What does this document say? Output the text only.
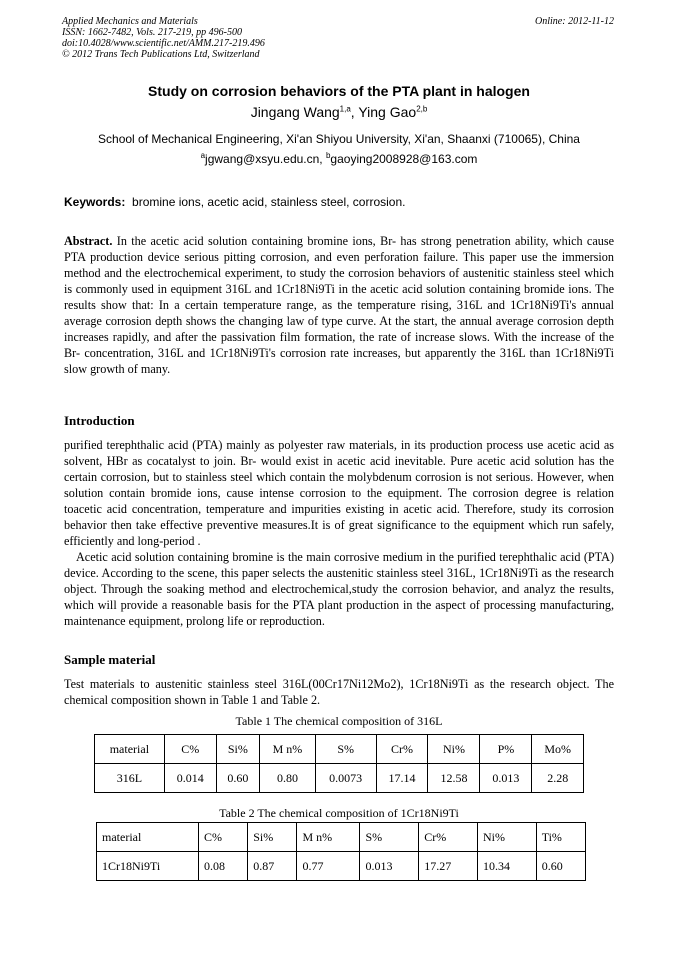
Applied Mechanics and Materials
ISSN: 1662-7482, Vols. 217-219, pp 496-500
doi:10.4028/www.scientific.net/AMM.217-219.496
© 2012 Trans Tech Publications Ltd, Switzerland
Online: 2012-11-12
Study on corrosion behaviors of the PTA plant in halogen
Jingang Wang$^{1,a}$, Ying Gao$^{2,b}$
School of Mechanical Engineering, Xi'an Shiyou University, Xi'an, Shaanxi (710065), China
$^a$jgwang@xsyu.edu.cn, $^b$gaoying2008928@163.com
Keywords: bromine ions, acetic acid, stainless steel, corrosion.
Abstract. In the acetic acid solution containing bromine ions, Br- has strong penetration ability, which cause PTA production device serious pitting corrosion, and even perforation failure. This paper use the immersion method and the electrochemical experiment, to study the corrosion behaviors of austenitic stainless steel which is commonly used in equipment 316L and 1Cr18Ni9Ti in the acetic acid solution containing bromide ions. The results show that: In a certain temperature range, as the temperature rising, 316L and 1Cr18Ni9Ti's annual average corrosion depth shows the changing law of type curve. At the start, the annual average corrosion depth increases rapidly, and after the passivation film formation, the rate of increase slows. With the increase of the Br- concentration, 316L and 1Cr18Ni9Ti's corrosion rate increases, but apparently the 316L than 1Cr18Ni9Ti slow growth of many.
Introduction
purified terephthalic acid (PTA) mainly as polyester raw materials, in its production process use acetic acid as solvent, HBr as cocatalyst to join. Br- would exist in acetic acid inevitable. Pure acetic acid solution has the certain corrosion, but to stainless steel which contain the molybdenum corrosion is not serious. However, when solution contain bromide ions, cause intense corrosion to the equipment. The corrosion degree is relation toacetic acid concentration, temperature and impurities existing in acetic acid. Therefore, study its corrosion behavior then take effective preventive measures.It is of great significance to the equipment which run safely, efficiently and long-period .
Acetic acid solution containing bromine is the main corrosive medium in the purified terephthalic acid (PTA) device. According to the scene, this paper selects the austenitic stainless steel 316L, 1Cr18Ni9Ti as the research object. Through the soaking method and electrochemical,study the corrosion behavior, and analyz the results, which will provide a reasonable basis for the PTA plant production in the aspect of processing manufacturing, maintenance equipment, prolong life or reproduction.
Sample material
Test materials to austenitic stainless steel 316L(00Cr17Ni12Mo2), 1Cr18Ni9Ti as the research object. The chemical composition shown in Table 1 and Table 2.
Table 1 The chemical composition of 316L
material	C%	Si%	M n%	S%	Cr%	Ni%	P%	Mo%
316L	0.014	0.60	0.80	0.0073	17.14	12.58	0.013	2.28
Table 2 The chemical composition of 1Cr18Ni9Ti
material	C%	Si%	M n%	S%	Cr%	Ni%	Ti%
1Cr18Ni9Ti	0.08	0.87	0.77	0.013	17.27	10.34	0.60
